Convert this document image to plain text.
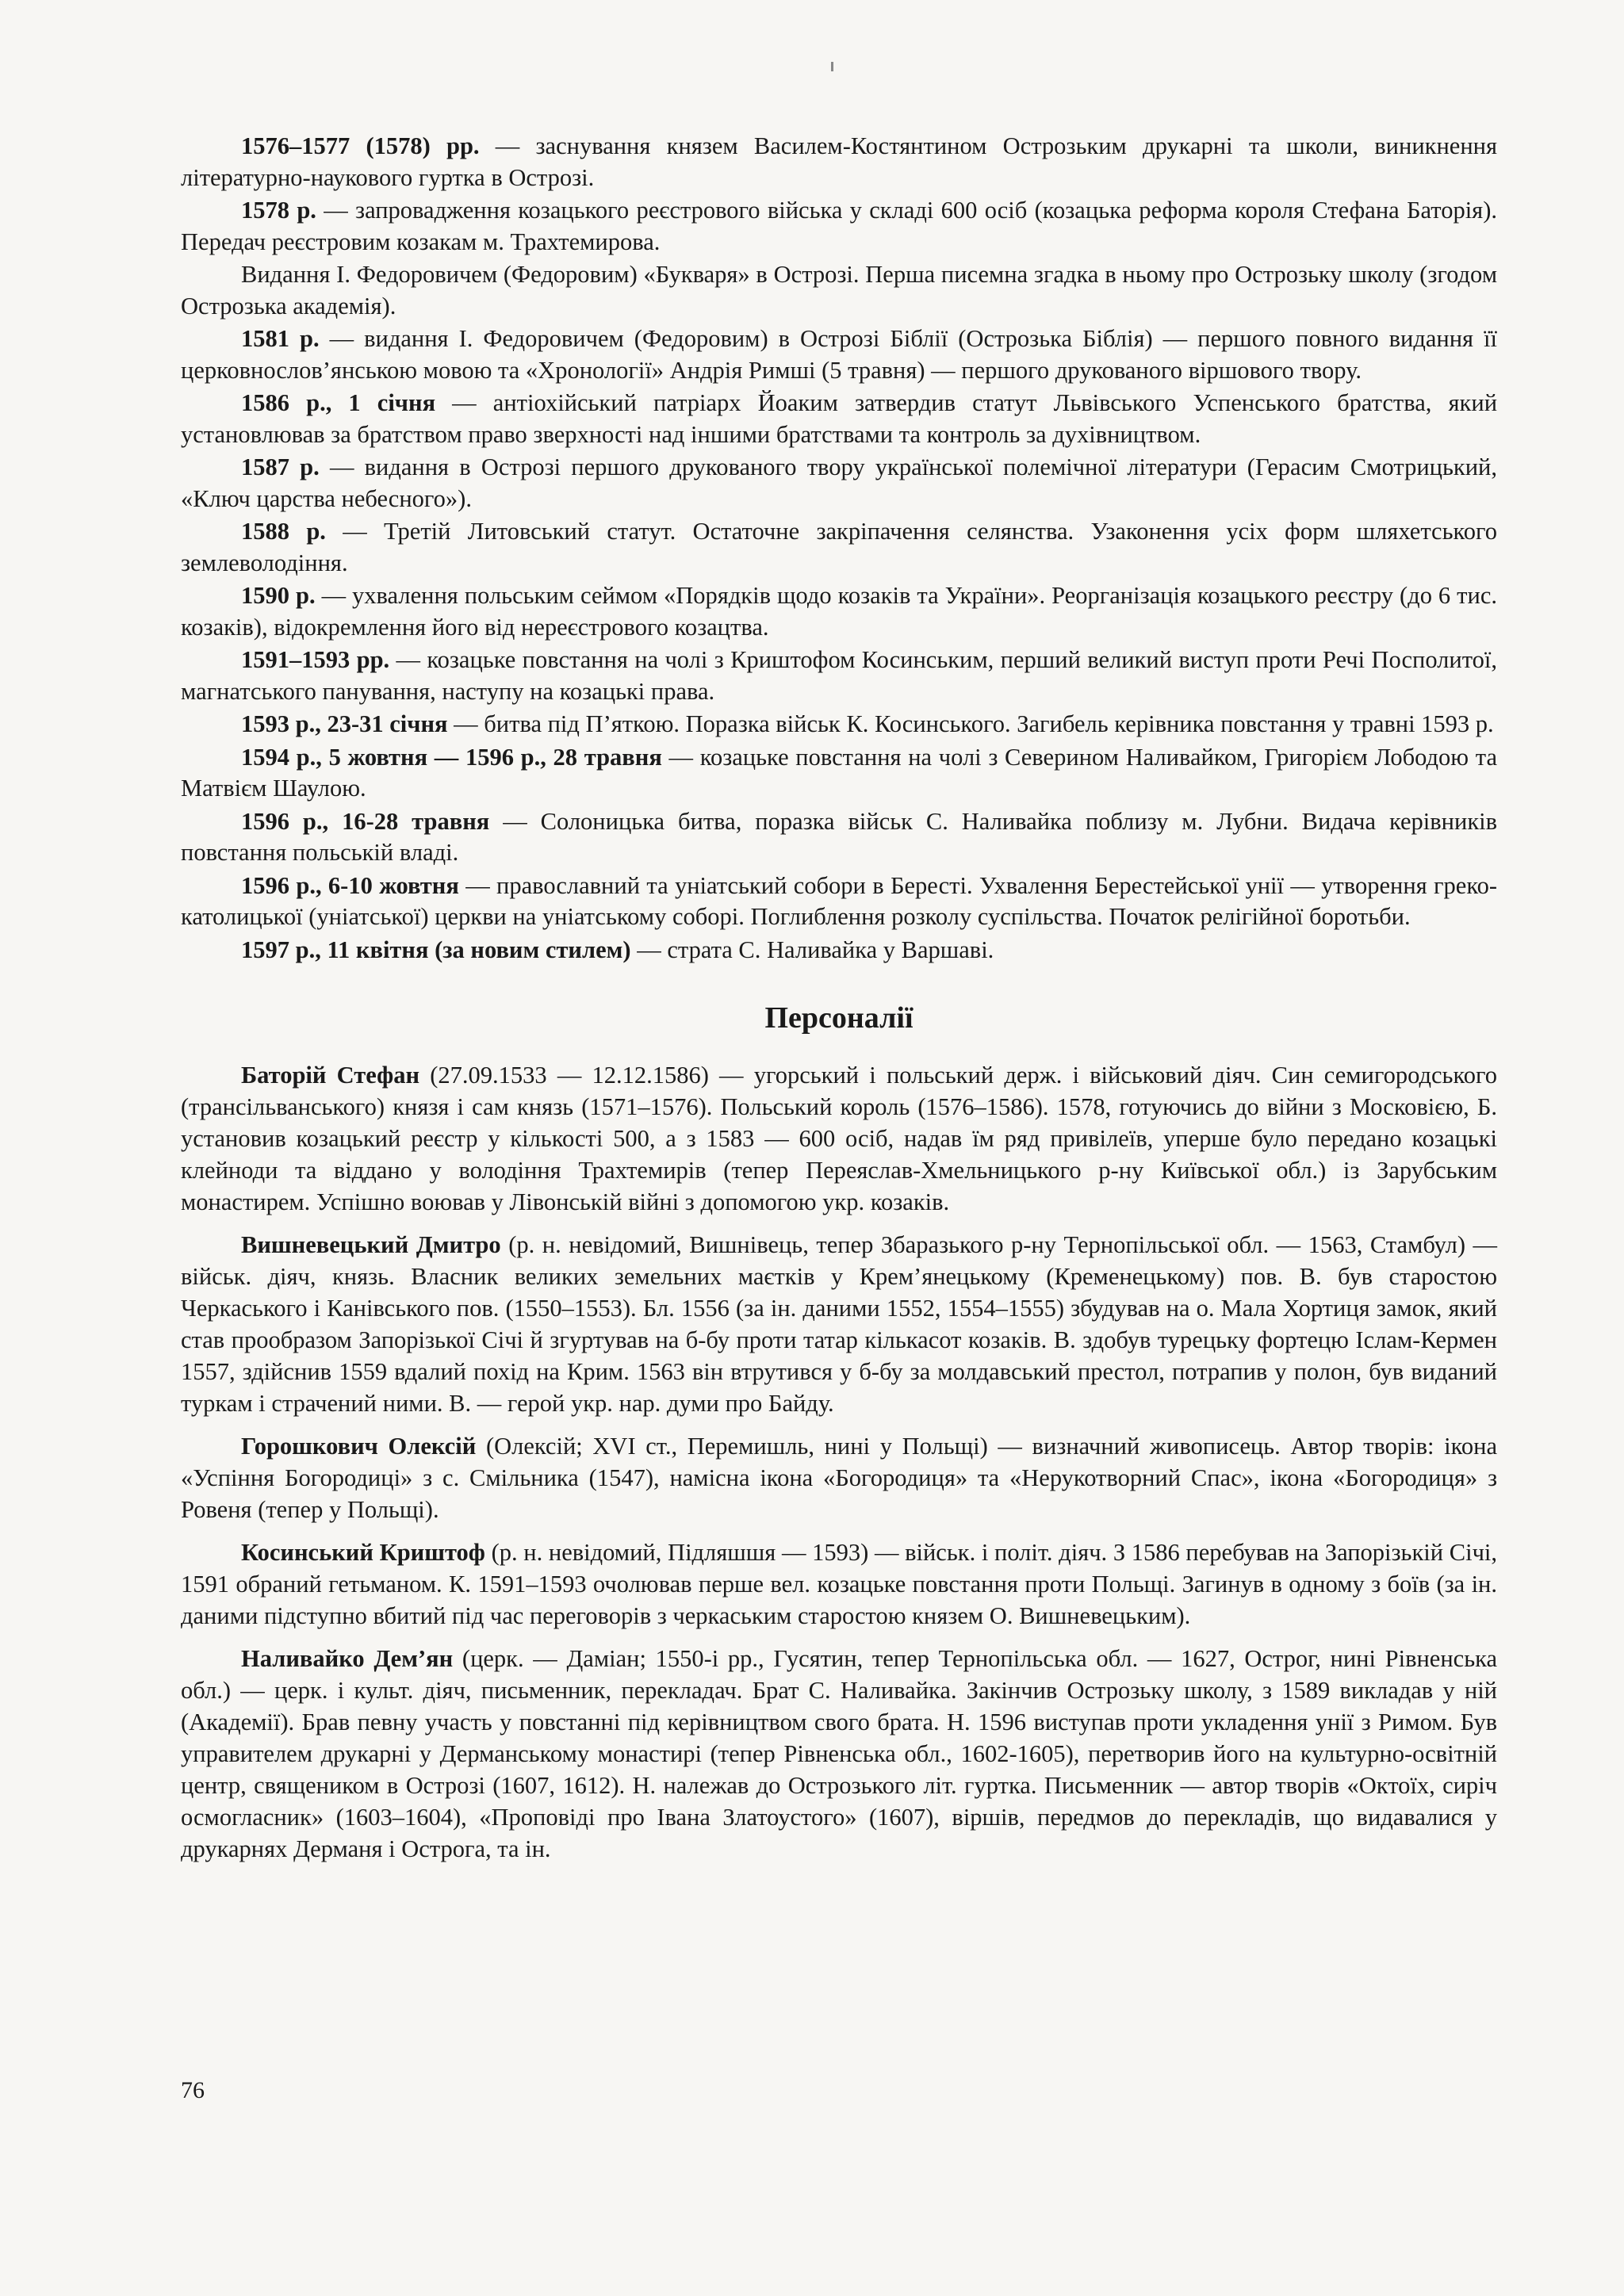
1576–1577 (1578) рр. — заснування князем Василем-Костянтином Острозьким друкарні та школи, виникнення літературно-наукового гуртка в Острозі.

1578 р. — запровадження козацького реєстрового війська у складі 600 осіб (козацька реформа короля Стефана Баторія). Передач реєстровим козакам м. Трахтемирова.

Видання І. Федоровичем (Федоровим) «Букваря» в Острозі. Перша писемна згадка в ньому про Острозьку школу (згодом Острозька академія).

1581 р. — видання І. Федоровичем (Федоровим) в Острозі Біблії (Острозька Біблія) — першого повного видання її церковнослов’янською мовою та «Хронології» Андрія Римші (5 травня) — першого друкованого віршового твору.

1586 р., 1 січня — антіохійський патріарх Йоаким затвердив статут Львівського Успенського братства, який установлював за братством право зверхності над іншими братствами та контроль за духівництвом.

1587 р. — видання в Острозі першого друкованого твору української полемічної літератури (Герасим Смотрицький, «Ключ царства небесного»).

1588 р. — Третій Литовський статут. Остаточне закріпачення селянства. Узаконення усіх форм шляхетського землеволодіння.

1590 р. — ухвалення польським сеймом «Порядків щодо козаків та України». Реорганізація козацького реєстру (до 6 тис. козаків), відокремлення його від нереєстрового козацтва.

1591–1593 рр. — козацьке повстання на чолі з Криштофом Косинським, перший великий виступ проти Речі Посполитої, магнатського панування, наступу на козацькі права.

1593 р., 23-31 січня — битва під П’яткою. Поразка військ К. Косинського. Загибель керівника повстання у травні 1593 р.

1594 р., 5 жовтня — 1596 р., 28 травня — козацьке повстання на чолі з Северином Наливайком, Григорієм Лободою та Матвієм Шаулою.

1596 р., 16-28 травня — Солоницька битва, поразка військ С. Наливайка поблизу м. Лубни. Видача керівників повстання польській владі.

1596 р., 6-10 жовтня — православний та уніатський собори в Бересті. Ухвалення Берестейської унії — утворення греко-католицької (уніатської) церкви на уніатському соборі. Поглиблення розколу суспільства. Початок релігійної боротьби.

1597 р., 11 квітня (за новим стилем) — страта С. Наливайка у Варшаві.

Персоналії

Баторій Стефан (27.09.1533 — 12.12.1586) — угорський і польський держ. і військовий діяч. Син семигородського (трансільванського) князя і сам князь (1571–1576). Польський король (1576–1586). 1578, готуючись до війни з Московією, Б. установив козацький реєстр у кількості 500, а з 1583 — 600 осіб, надав їм ряд привілеїв, уперше було передано козацькі клейноди та віддано у володіння Трахтемирів (тепер Переяслав-Хмельницького р-ну Київської обл.) із Зарубським монастирем. Успішно воював у Лівонській війні з допомогою укр. козаків.

Вишневецький Дмитро (р. н. невідомий, Вишнівець, тепер Збаразького р-ну Тернопільської обл. — 1563, Стамбул) — військ. діяч, князь. Власник великих земельних маєтків у Крем’янецькому (Кременецькому) пов. В. був старостою Черкаського і Канівського пов. (1550–1553). Бл. 1556 (за ін. даними 1552, 1554–1555) збудував на о. Мала Хортиця замок, який став прообразом Запорізької Січі й згуртував на б-бу проти татар кількасот козаків. В. здобув турецьку фортецю Іслам-Кермен 1557, здійснив 1559 вдалий похід на Крим. 1563 він втрутився у б-бу за молдавський престол, потрапив у полон, був виданий туркам і страчений ними. В. — герой укр. нар. думи про Байду.

Горошкович Олексій (Олексій; XVI ст., Перемишль, нині у Польщі) — визначний живописець. Автор творів: ікона «Успіння Богородиці» з с. Смільника (1547), намісна ікона «Богородиця» та «Нерукотворний Спас», ікона «Богородиця» з Ровеня (тепер у Польщі).

Косинський Криштоф (р. н. невідомий, Підляшшя — 1593) — військ. і політ. діяч. З 1586 перебував на Запорізькій Січі, 1591 обраний гетьманом. К. 1591–1593 очолював перше вел. козацьке повстання проти Польщі. Загинув в одному з боїв (за ін. даними підступно вбитий під час переговорів з черкаським старостою князем О. Вишневецьким).

Наливайко Дем’ян (церк. — Даміан; 1550-і рр., Гусятин, тепер Тернопільська обл. — 1627, Острог, нині Рівненська обл.) — церк. і культ. діяч, письменник, перекладач. Брат С. Наливайка. Закінчив Острозьку школу, з 1589 викладав у ній (Академії). Брав певну участь у повстанні під керівництвом свого брата. Н. 1596 виступав проти укладення унії з Римом. Був управителем друкарні у Дерманському монастирі (тепер Рівненська обл., 1602-1605), перетворив його на культурно-освітній центр, священиком в Острозі (1607, 1612). Н. належав до Острозького літ. гуртка. Письменник — автор творів «Октоїх, сиріч осмогласник» (1603–1604), «Проповіді про Івана Златоустого» (1607), віршів, передмов до перекладів, що видавалися у друкарнях Дерманя і Острога, та ін.

76
